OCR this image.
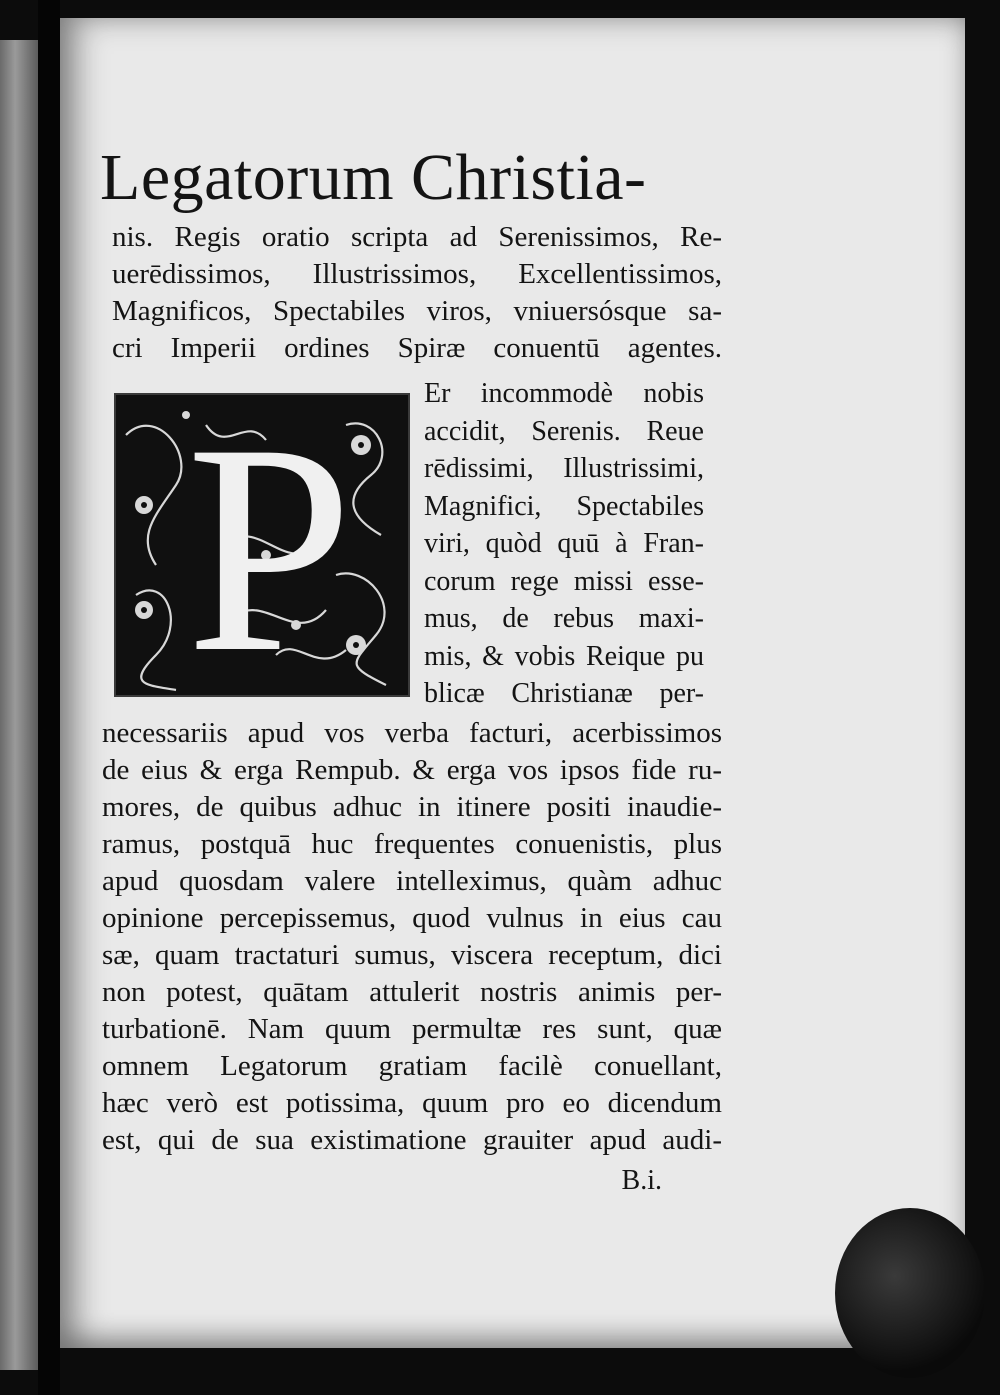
Legatorum Christia-
nis. Regis oratio scripta ad Serenissimos, Re-
uerēdissimos, Illustrissimos, Excellentissimos,
Magnificos, Spectabiles viros, vniuersósque sa-
cri Imperii ordines Spiræ conuentū agentes.
P	Er incommodè nobis
accidit, Serenis. Reue
rēdissimi, Illustrissimi,
Magnifici, Spectabiles
viri, quòd quū à Fran-
corum rege missi esse-
mus, de rebus maxi-
mis, & vobis Reique pu
blicæ Christianæ per-
necessariis apud vos verba facturi, acerbissimos
de eius & erga Rempub. & erga vos ipsos fide ru-
mores, de quibus adhuc in itinere positi inaudie-
ramus, postquā huc frequentes conuenistis, plus
apud quosdam valere intelleximus, quàm adhuc
opinione percepissemus, quod vulnus in eius cau
sæ, quam tractaturi sumus, viscera receptum, dici
non potest, quātam attulerit nostris animis per-
turbationē. Nam quum permultæ res sunt, quæ
omnem Legatorum gratiam facilè conuellant,
hæc verò est potissima, quum pro eo dicendum
est, qui de sua existimatione grauiter apud audi-
B.i.
